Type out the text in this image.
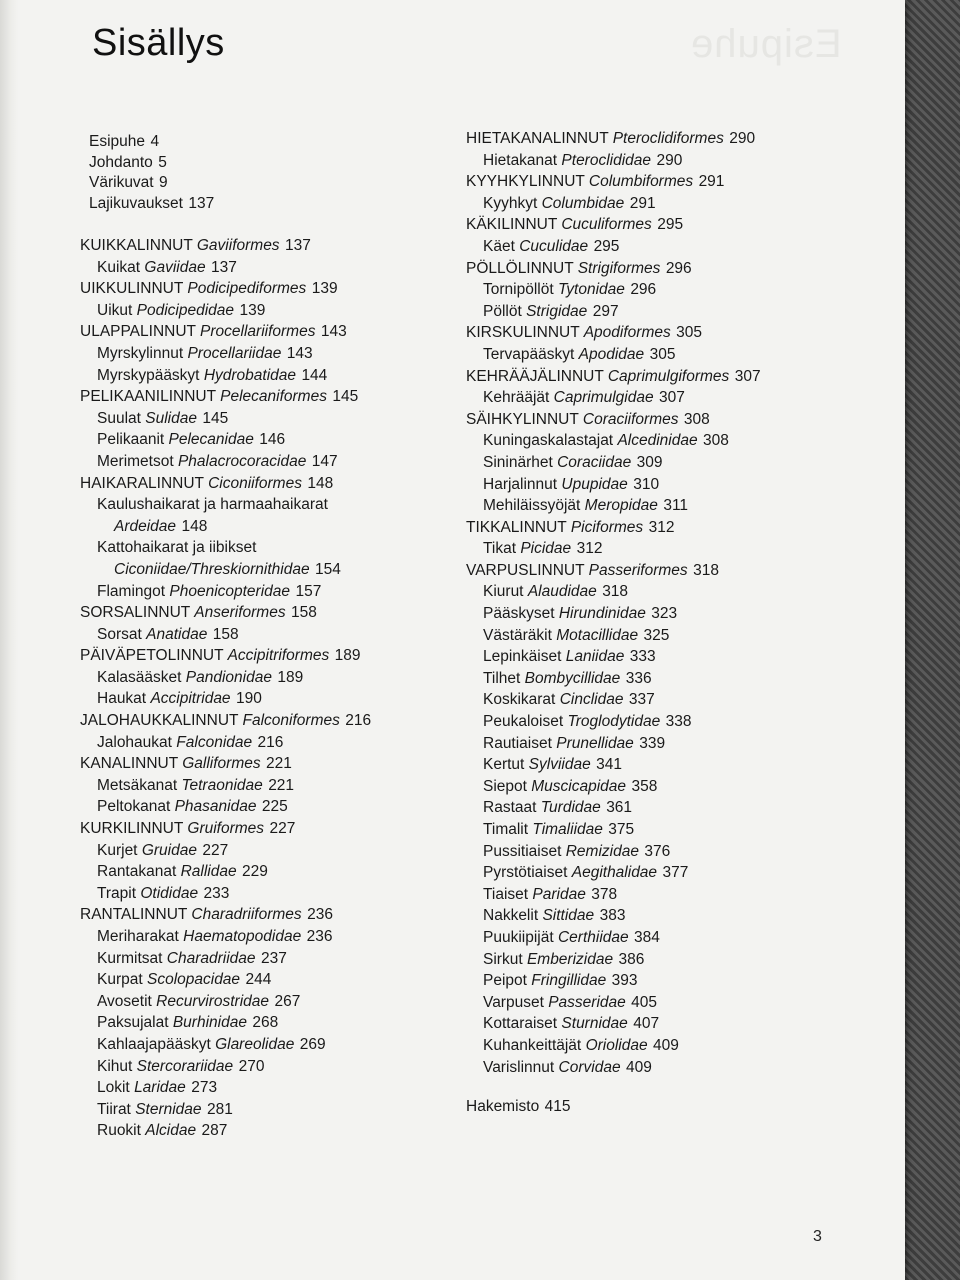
Esipuhe
Sisällys
Esipuhe 4
Johdanto 5
Värikuvat 9
Lajikuvaukset 137
KUIKKALINNUT Gaviiformes 137
Kuikat Gaviidae 137
UIKKULINNUT Podicipediformes 139
Uikut Podicipedidae 139
ULAPPALINNUT Procellariiformes 143
Myrskylinnut Procellariidae 143
Myrskypääskyt Hydrobatidae 144
PELIKAANILINNUT Pelecaniformes 145
Suulat Sulidae 145
Pelikaanit Pelecanidae 146
Merimetsot Phalacrocoracidae 147
HAIKARALINNUT Ciconiiformes 148
Kaulushaikarat ja harmaahaikarat
Ardeidae 148
Kattohaikarat ja iibikset
Ciconiidae/Threskiornithidae 154
Flamingot Phoenicopteridae 157
SORSALINNUT Anseriformes 158
Sorsat Anatidae 158
PÄIVÄPETOLINNUT Accipitriformes 189
Kalasääsket Pandionidae 189
Haukat Accipitridae 190
JALOHAUKKALINNUT Falconiformes 216
Jalohaukat Falconidae 216
KANALINNUT Galliformes 221
Metsäkanat Tetraonidae 221
Peltokanat Phasanidae 225
KURKILINNUT Gruiformes 227
Kurjet Gruidae 227
Rantakanat Rallidae 229
Trapit Otididae 233
RANTALINNUT Charadriiformes 236
Meriharakat Haematopodidae 236
Kurmitsat Charadriidae 237
Kurpat Scolopacidae 244
Avosetit Recurvirostridae 267
Paksujalat Burhinidae 268
Kahlaajapääskyt Glareolidae 269
Kihut Stercorariidae 270
Lokit Laridae 273
Tiirat Sternidae 281
Ruokit Alcidae 287
HIETAKANALINNUT Pteroclidiformes 290
Hietakanat Pteroclididae 290
KYYHKYLINNUT Columbiformes 291
Kyyhkyt Columbidae 291
KÄKILINNUT Cuculiformes 295
Käet Cuculidae 295
PÖLLÖLINNUT Strigiformes 296
Tornipöllöt Tytonidae 296
Pöllöt Strigidae 297
KIRSKULINNUT Apodiformes 305
Tervapääskyt Apodidae 305
KEHRÄÄJÄLINNUT Caprimulgiformes 307
Kehrääjät Caprimulgidae 307
SÄIHKYLINNUT Coraciiformes 308
Kuningaskalastajat Alcedinidae 308
Sininärhet Coraciidae 309
Harjalinnut Upupidae 310
Mehiläissyöjät Meropidae 311
TIKKALINNUT Piciformes 312
Tikat Picidae 312
VARPUSLINNUT Passeriformes 318
Kiurut Alaudidae 318
Pääskyset Hirundinidae 323
Västäräkit Motacillidae 325
Lepinkäiset Laniidae 333
Tilhet Bombycillidae 336
Koskikarat Cinclidae 337
Peukaloiset Troglodytidae 338
Rautiaiset Prunellidae 339
Kertut Sylviidae 341
Siepot Muscicapidae 358
Rastaat Turdidae 361
Timalit Timaliidae 375
Pussitiaiset Remizidae 376
Pyrstötiaiset Aegithalidae 377
Tiaiset Paridae 378
Nakkelit Sittidae 383
Puukiipijät Certhiidae 384
Sirkut Emberizidae 386
Peipot Fringillidae 393
Varpuset Passeridae 405
Kottaraiset Sturnidae 407
Kuhankeittäjät Oriolidae 409
Varislinnut Corvidae 409
Hakemisto 415
3
